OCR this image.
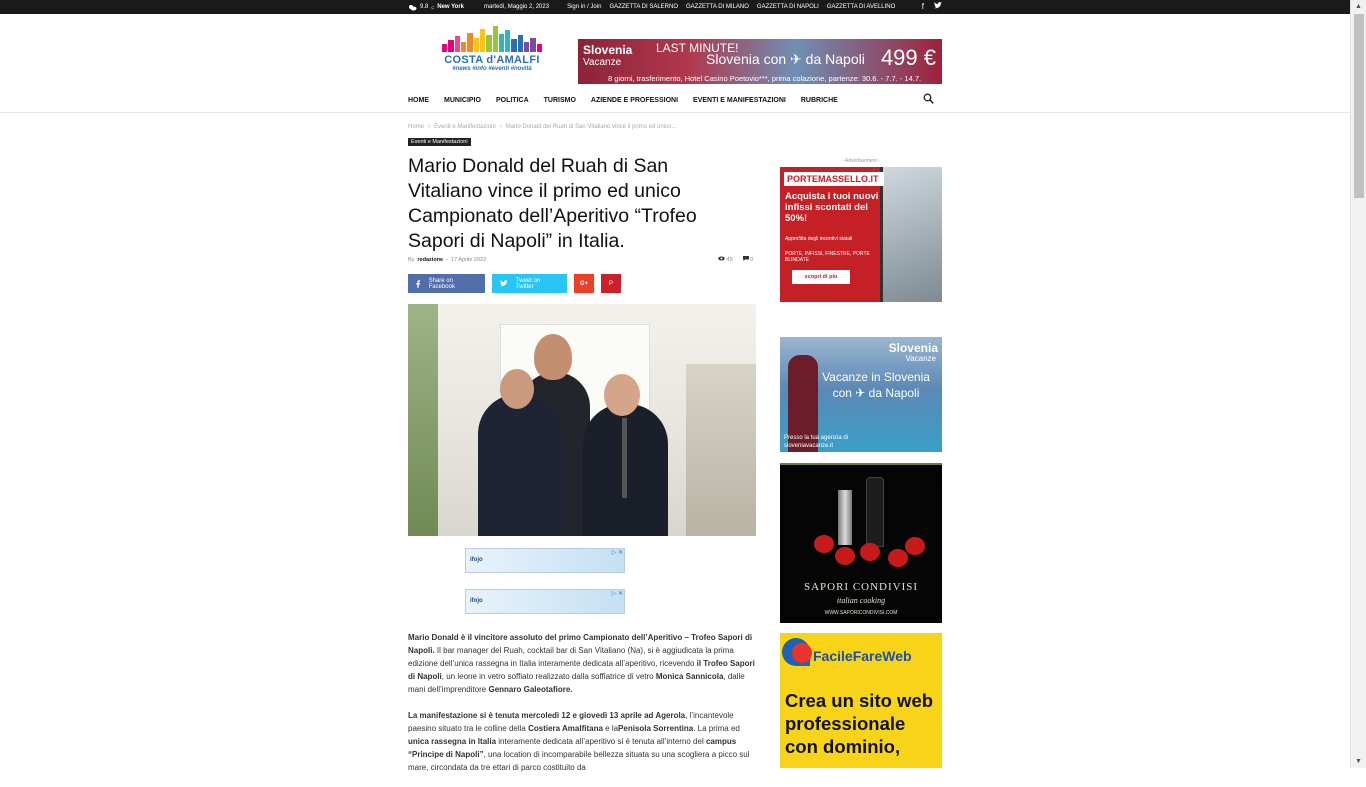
9.8 C New York	martedì, Maggio 2, 2023	Sign in / Join GAZZETTA DI SALERNO GAZZETTA DI MILANO GAZZETTA DI NAPOLI GAZZETTA DI AVELLINO	f
COSTA d'AMALFI
#news #info #eventi #novità
Slovenia
Vacanze
LAST MINUTE!
Slovenia con ✈ da Napoli 499 €
8 giorni, trasferimento, Hotel Casino Poetovio***, prima colazione, partenze: 30.6. - 7.7. - 14.7.
HOME MUNICIPIO POLITICA TURISMO AZIENDE E PROFESSIONI EVENTI E MANIFESTAZIONI RUBRICHE
Home › Eventi e Manifestazioni › Mario Donald del Ruah di San Vitaliano vince il primo ed unico...
Eventi e Manifestazioni
Mario Donald del Ruah di San Vitaliano vince il primo ed unico Campionato dell’Aperitivo “Trofeo Sapori di Napoli” in Italia.
By redazione - 17 Aprile 2023	45	0
Share on Facebook
Tweet on Twitter	G+	P
ifojo
▷ ✕
ifojo
▷ ✕

Mario Donald è il vincitore assoluto del primo Campionato dell’Aperitivo – Trofeo Sapori di Napoli. Il bar manager del Ruah, cocktail bar di San Vitaliano (Na), si è aggiudicata la prima edizione dell’unica rassegna in Italia interamente dedicata all’aperitivo, ricevendo il Trofeo Sapori di Napoli, un leone in vetro soffiato realizzato dalla soffiatrice di vetro Monica Sannicola, dalle mani dell’imprenditore Gennaro Galeotafiore.

La manifestazione si è tenuta mercoledì 12 e giovedì 13 aprile ad Agerola, l’incantevole paesino situato tra le colline della Costiera Amalfitana e laPenisola Sorrentina. La prima ed unica rassegna in Italia interamente dedicata all’aperitivo si è tenuta all’interno del campus “Principe di Napoli”, una location di incomparabile bellezza situata su una scogliera a picco sul mare, circondata da tre ettari di parco costituito da

- Advertisement -
PORTEMASSELLO.IT
Acquista i tuoi nuovi infissi scontati del 50%!
Approfitta degli incentivi statali
PORTE, INFISSI, FINESTRE, PORTE BLINDATE
scopri di più
Slovenia
Vacanze
Vacanze in Slovenia con ✈ da Napoli
Presso la tua agenzia di
sloveniavacanze.it
SAPORI CONDIVISI
italian cooking
WWW.SAPORICONDIVISI.COM
FacileFareWeb
Crea un sito web professionale con dominio,
▲
▼
